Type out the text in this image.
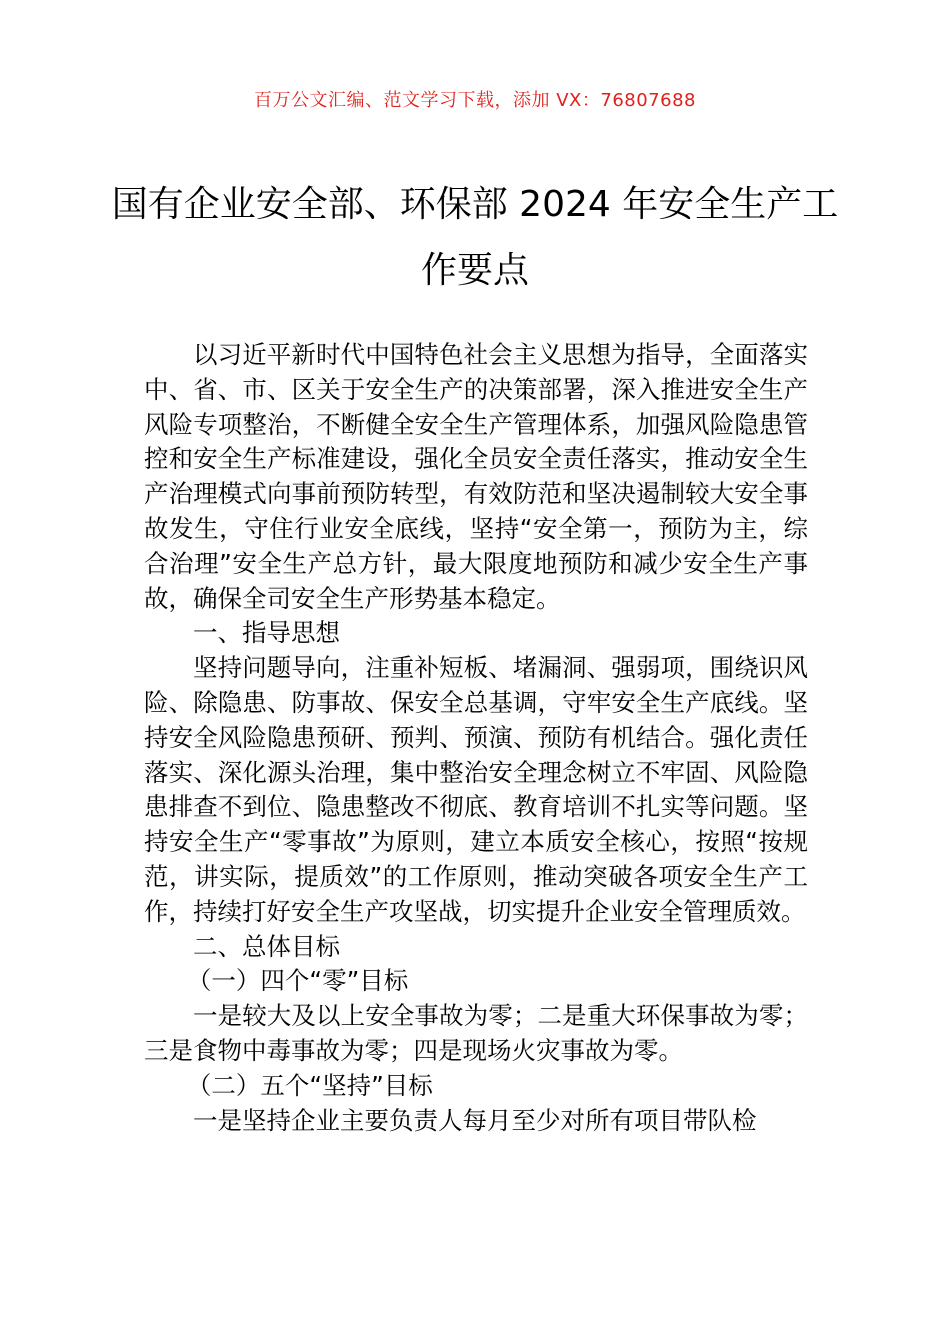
百万公文汇编、范文学习下载，添加 VX：76807688
国有企业安全部、环保部 2024 年安全生产工作要点

以习近平新时代中国特色社会主义思想为指导，全面落实中、省、市、区关于安全生产的决策部署，深入推进安全生产风险专项整治，不断健全安全生产管理体系，加强风险隐患管控和安全生产标准建设，强化全员安全责任落实，推动安全生产治理模式向事前预防转型，有效防范和坚决遏制较大安全事故发生，守住行业安全底线，坚持“安全第一，预防为主，综合治理”安全生产总方针，最大限度地预防和减少安全生产事故，确保全司安全生产形势基本稳定。

一、指导思想

坚持问题导向，注重补短板、堵漏洞、强弱项，围绕识风险、除隐患、防事故、保安全总基调，守牢安全生产底线。坚持安全风险隐患预研、预判、预演、预防有机结合。强化责任落实、深化源头治理，集中整治安全理念树立不牢固、风险隐患排查不到位、隐患整改不彻底、教育培训不扎实等问题。坚持安全生产“零事故”为原则，建立本质安全核心，按照“按规范，讲实际，提质效”的工作原则，推动突破各项安全生产工作，持续打好安全生产攻坚战，切实提升企业安全管理质效。

二、总体目标

（一）四个“零”目标

一是较大及以上安全事故为零；二是重大环保事故为零；三是食物中毒事故为零；四是现场火灾事故为零。

（二）五个“坚持”目标

一是坚持企业主要负责人每月至少对所有项目带队检
